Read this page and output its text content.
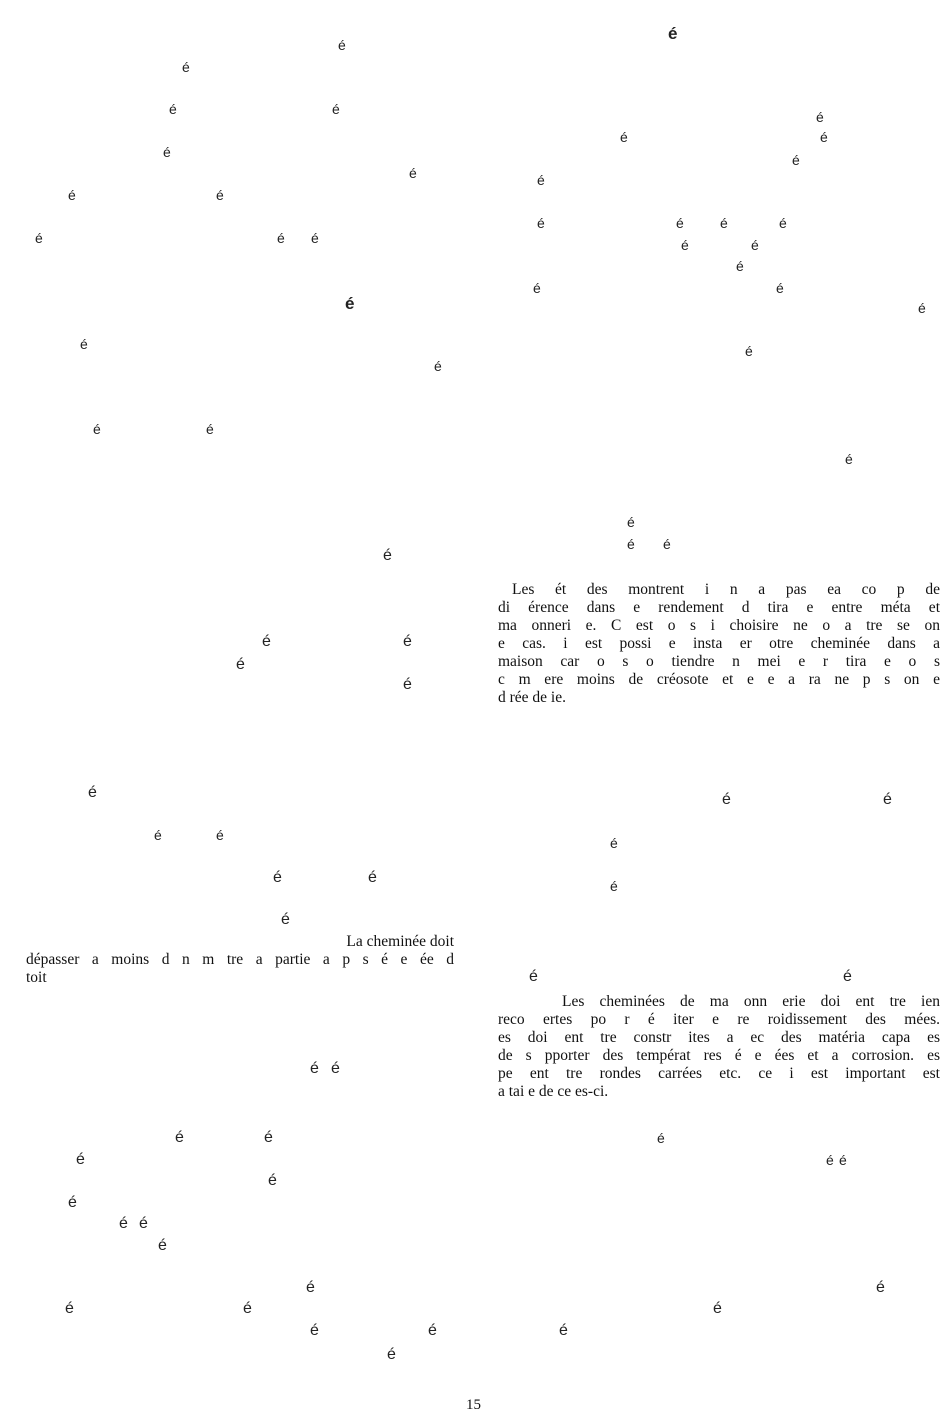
é
é
é	é
é
é
é	é
é	é é
é
é
é
é	é
é
é	é
é
é
é
é	é
é	é
é
é é
é	é
é
é
é
é é
é
é
é	é
é	é
é
é
é
é	é
é
é
é	é	é	é
é	é
é
é	é
é
é
é
é
é é
é	é
é
é
é	é
é
é é
é
é
é
La cheminée doit
dépasser a moins d n m tre a partie a p s é e ée d
toit
Les ét des montrent i n a pas ea co p de
di érence dans e rendement d tira e entre méta et
ma onneri e. C est o s i choisire ne o a tre se on
e cas. i est possi e insta er otre cheminée dans a
maison car o s o tiendre n mei e r tira e o s
c m ere moins de créosote et e e a ra ne p s on e
d rée de ie.
Les cheminées de ma onn erie doi ent tre ien
reco ertes po r é iter e re roidissement des mées.
es doi ent tre constr ites a ec des matéria capa es
de s pporter des températ res é e ées et a corrosion. es
pe ent tre rondes carrées etc. ce i est important est
a tai e de ce es-ci.
15
